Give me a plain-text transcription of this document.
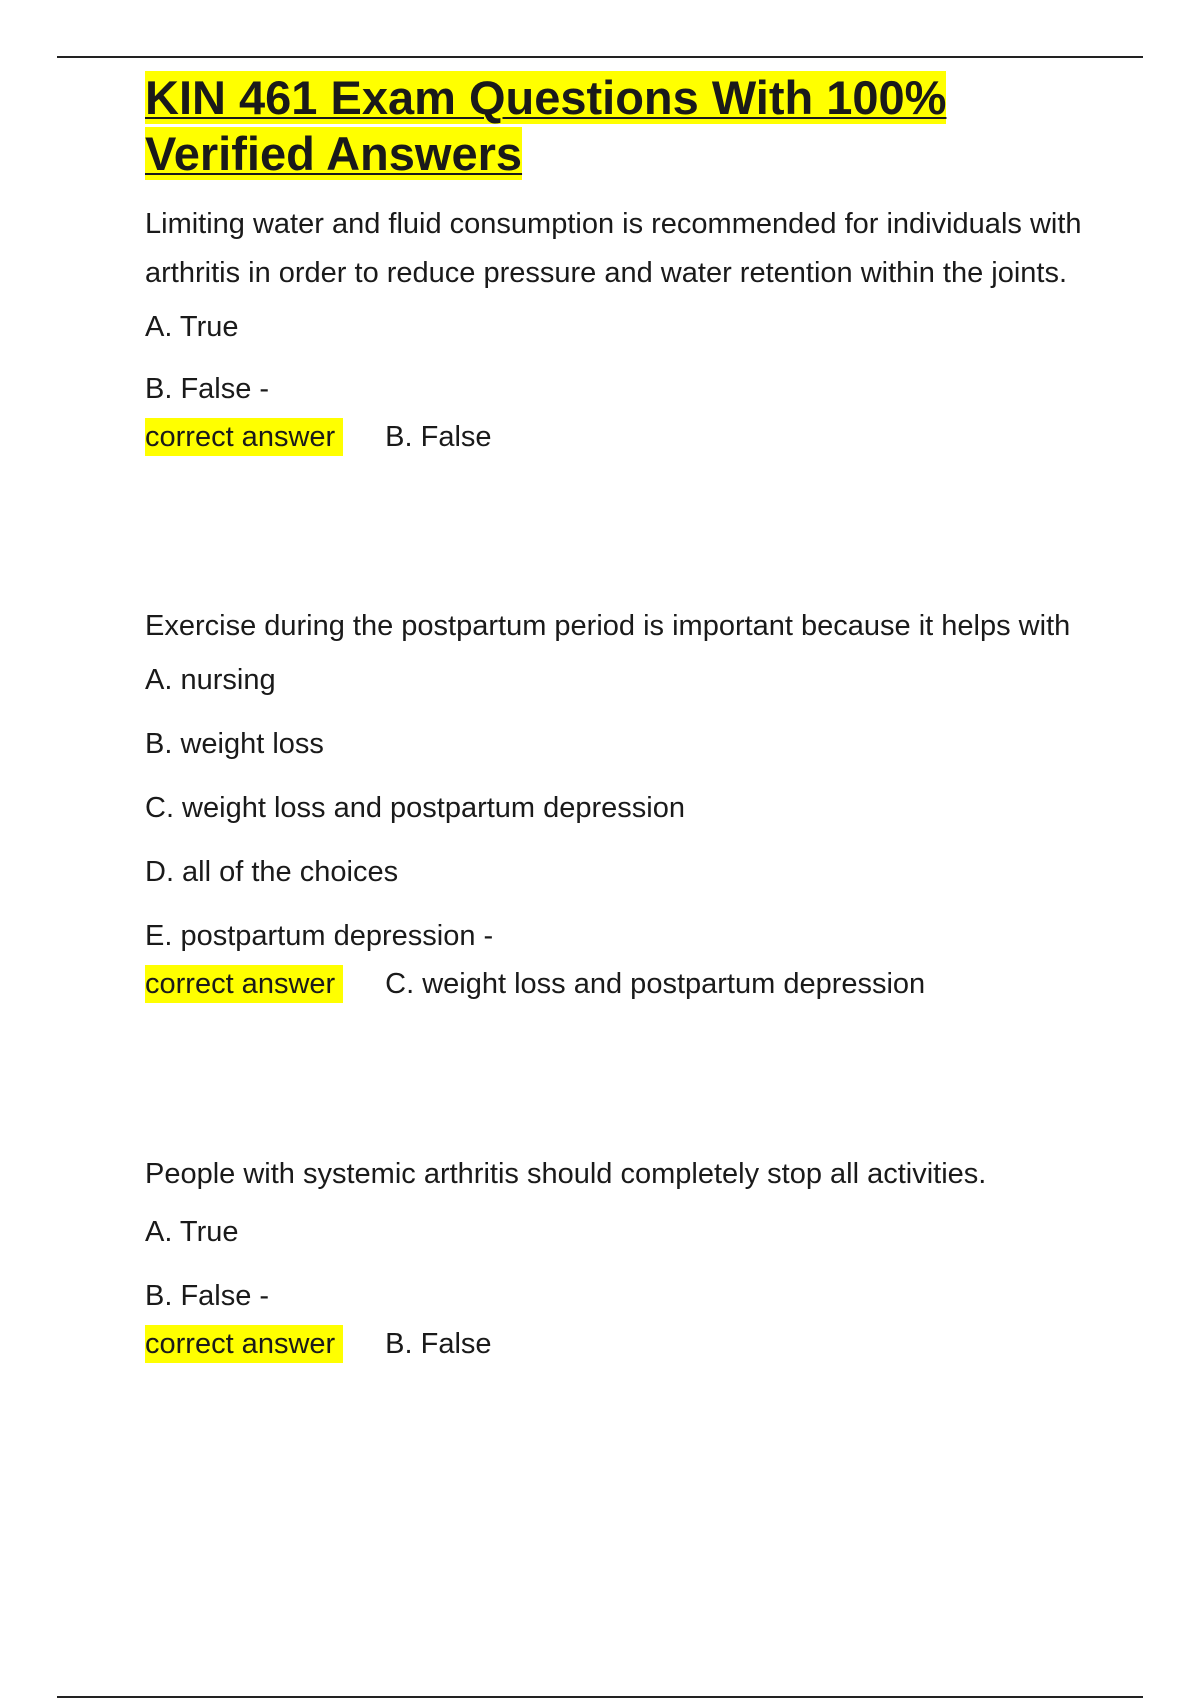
KIN 461 Exam Questions With 100%
Verified Answers

Limiting water and fluid consumption is recommended for individuals with arthritis in order to reduce pressure and water retention within the joints.

A. True

B. False -

correct answer B. False

Exercise during the postpartum period is important because it helps with

A. nursing

B. weight loss

C. weight loss and postpartum depression

D. all of the choices

E. postpartum depression -

correct answer C. weight loss and postpartum depression

People with systemic arthritis should completely stop all activities.

A. True

B. False -

correct answer B. False
